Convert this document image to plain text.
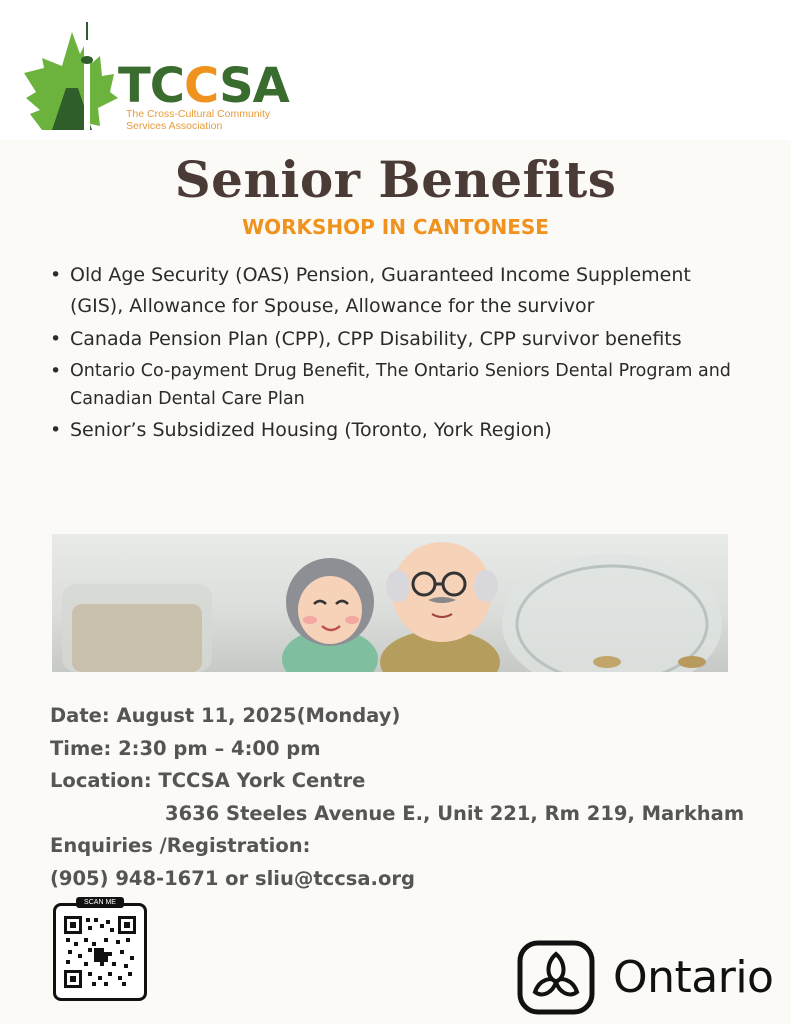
TCCSA
The Cross-Cultural Community
Services Association
Senior Benefits
WORKSHOP IN CANTONESE
• Old Age Security (OAS) Pension, Guaranteed Income Supplement (GIS), Allowance for Spouse, Allowance for the survivor
• Canada Pension Plan (CPP), CPP Disability, CPP survivor benefits
• Ontario Co-payment Drug Benefit, The Ontario Seniors Dental Program and Canadian Dental Care Plan
• Senior’s Subsidized Housing (Toronto, York Region)
Date: August 11, 2025(Monday)
Time: 2:30 pm – 4:00 pm
Location: TCCSA York Centre
3636 Steeles Avenue E., Unit 221, Rm 219, Markham
Enquiries /Registration:
(905) 948-1671 or sliu@tccsa.org
SCAN ME
Ontario
